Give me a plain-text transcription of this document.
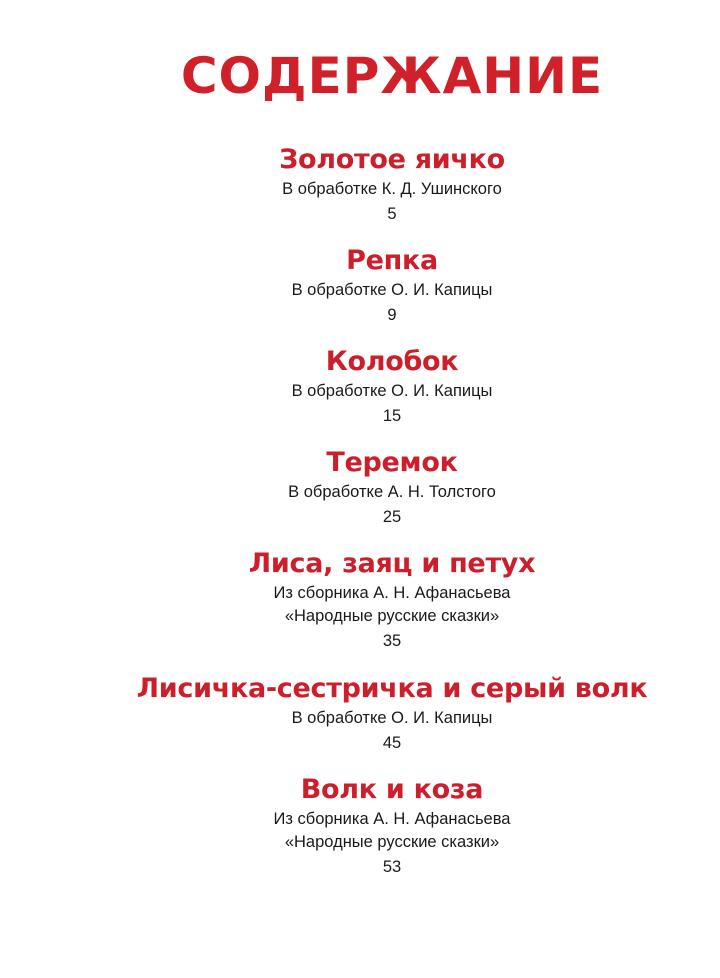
СОДЕРЖАНИЕ
Золотое яичко
В обработке К. Д. Ушинского
5
Репка
В обработке О. И. Капицы
9
Колобок
В обработке О. И. Капицы
15
Теремок
В обработке А. Н. Толстого
25
Лиса, заяц и петух
Из сборника А. Н. Афанасьева
«Народные русские сказки»
35
Лисичка-сестричка и серый волк
В обработке О. И. Капицы
45
Волк и коза
Из сборника А. Н. Афанасьева
«Народные русские сказки»
53
